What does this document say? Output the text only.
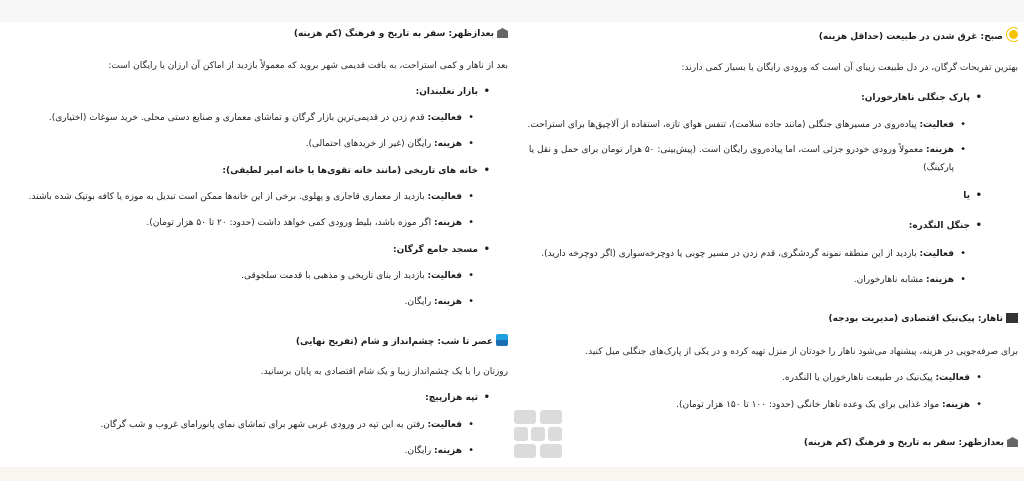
صبح: غرق شدن در طبیعت (حداقل هزینه)
بهترین تفریحات گرگان، در دل طبیعت زیبای آن است که ورودی رایگان یا بسیار کمی دارند:
پارک جنگلی ناهارخوران:
فعالیت: پیاده‌روی در مسیرهای جنگلی (مانند جاده سلامت)، تنفس هوای تازه، استفاده از آلاچیق‌ها برای استراحت.
هزینه: معمولاً ورودی خودرو جزئی است، اما پیاده‌روی رایگان است. (پیش‌بینی: ۵۰ هزار تومان برای حمل و نقل یا
پارکینگ)
یا
جنگل النگدره:
فعالیت: بازدید از این منطقه نمونه گردشگری، قدم زدن در مسیر چوبی یا دوچرخه‌سواری (اگر دوچرخه دارید).
هزینه: مشابه ناهارخوران.
ناهار: پیک‌نیک اقتصادی (مدیریت بودجه)
برای صرفه‌جویی در هزینه، پیشنهاد می‌شود ناهار را خودتان از منزل تهیه کرده و در یکی از پارک‌های جنگلی میل کنید.
فعالیت: پیک‌نیک در طبیعت ناهارخوران یا النگدره.
هزینه: مواد غذایی برای یک وعده ناهار خانگی (حدود: ۱۰۰ تا ۱۵۰ هزار تومان).
بعدازظهر: سفر به تاریخ و فرهنگ (کم هزینه)
بعدازظهر: سفر به تاریخ و فرهنگ (کم هزینه)
بعد از ناهار و کمی استراحت، به بافت قدیمی شهر بروید که معمولاً بازدید از اماکن آن ارزان یا رایگان است:
بازار نعلبندان:
فعالیت: قدم زدن در قدیمی‌ترین بازار گرگان و تماشای معماری و صنایع دستی محلی. خرید سوغات (اختیاری).
هزینه: رایگان (غیر از خریدهای احتمالی).
خانه های تاریخی (مانند خانه تقوی‌ها یا خانه امیر لطیفی):
فعالیت: بازدید از معماری قاجاری و پهلوی. برخی از این خانه‌ها ممکن است تبدیل به موزه یا کافه بوتیک شده باشند.
هزینه: اگر موزه باشد، بلیط ورودی کمی خواهد داشت (حدود: ۲۰ تا ۵۰ هزار تومان).
مسجد جامع گرگان:
فعالیت: بازدید از بنای تاریخی و مذهبی با قدمت سلجوقی.
هزینه: رایگان.
عصر تا شب: چشم‌انداز و شام (تفریح نهایی)
روزتان را با یک چشم‌انداز زیبا و یک شام اقتصادی به پایان برسانید.
تپه هزارپیچ:
فعالیت: رفتن به این تپه در ورودی غربی شهر برای تماشای نمای پانورامای غروب و شب گرگان.
هزینه: رایگان.
